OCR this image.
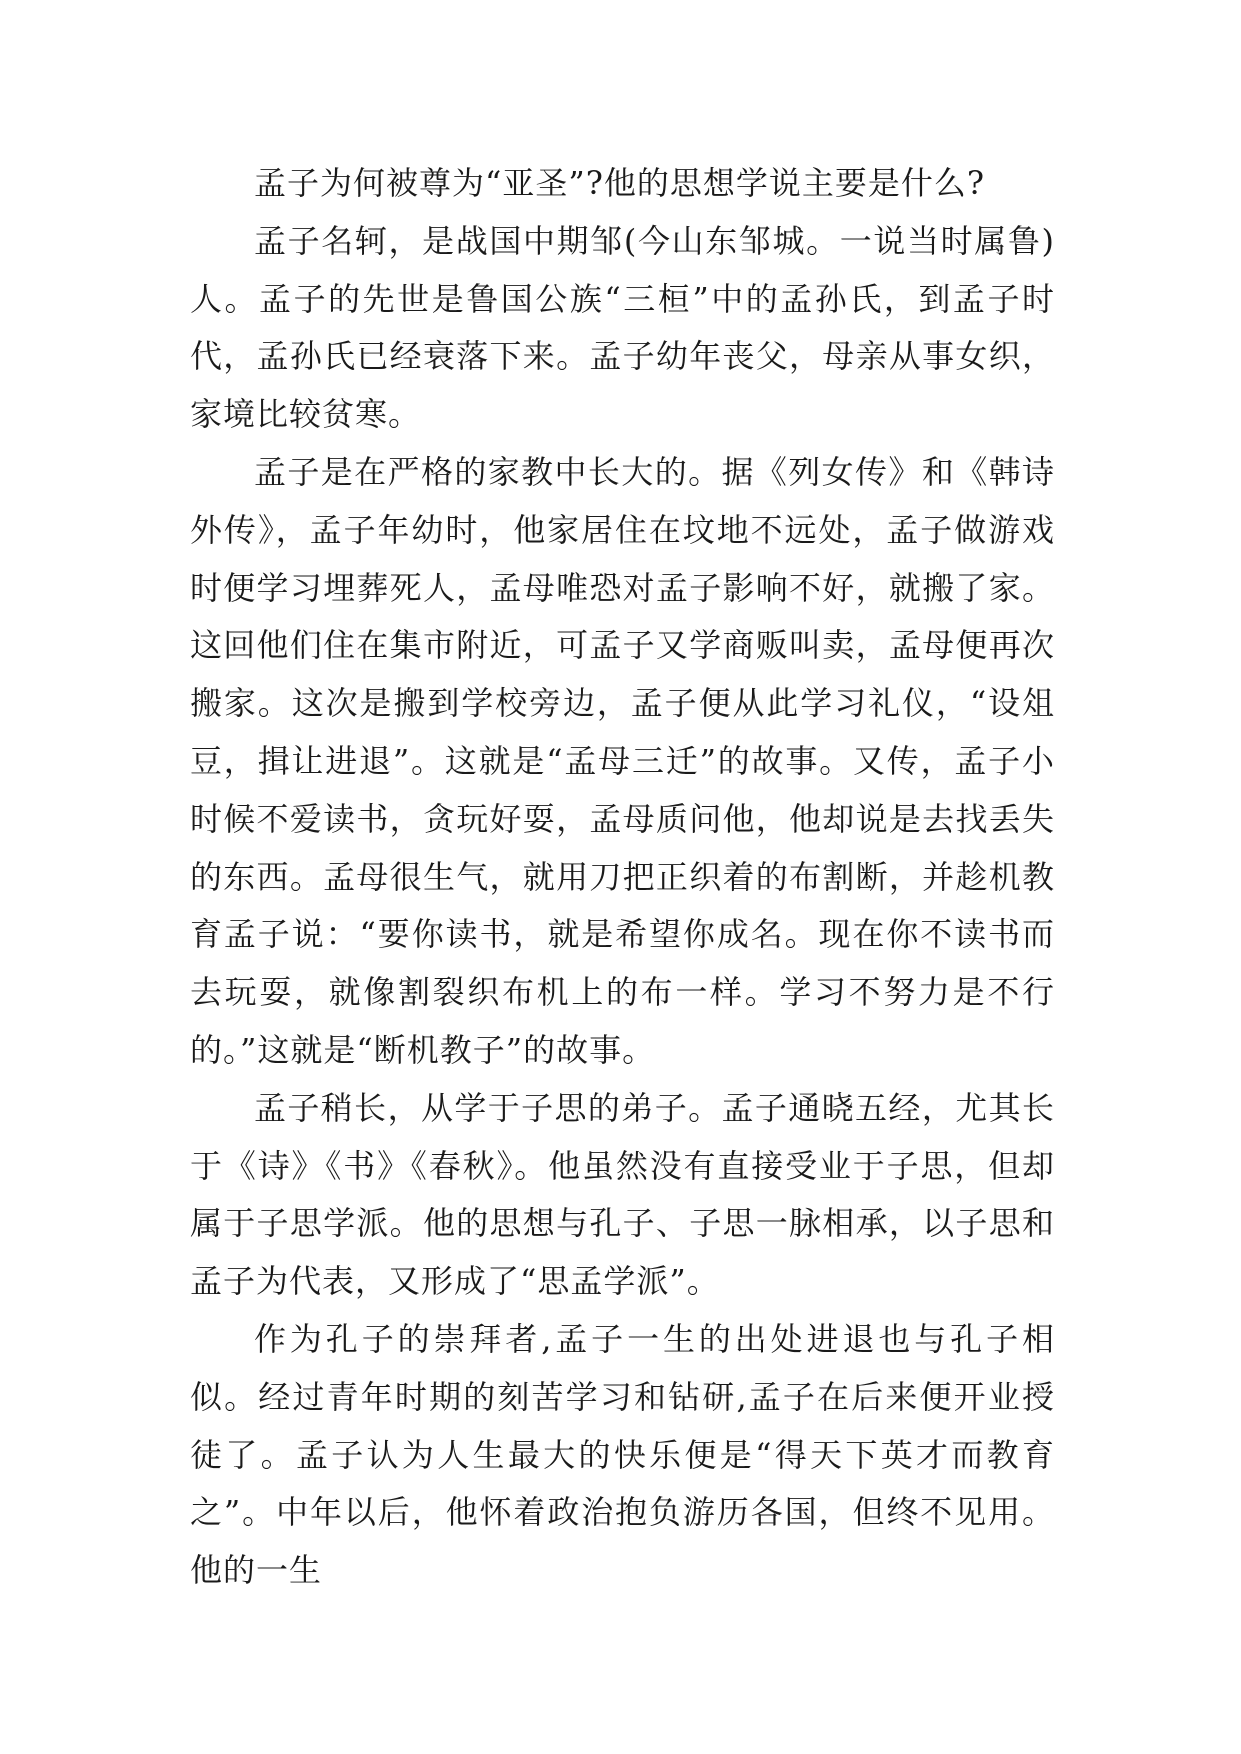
孟子为何被尊为“亚圣”?他的思想学说主要是什么?

孟子名轲，是战国中期邹(今山东邹城。一说当时属鲁)人。孟子的先世是鲁国公族“三桓”中的孟孙氏，到孟子时代，孟孙氏已经衰落下来。孟子幼年丧父，母亲从事女织，家境比较贫寒。

孟子是在严格的家教中长大的。据《列女传》和《韩诗外传》，孟子年幼时，他家居住在坟地不远处，孟子做游戏时便学习埋葬死人，孟母唯恐对孟子影响不好，就搬了家。这回他们住在集市附近，可孟子又学商贩叫卖，孟母便再次搬家。这次是搬到学校旁边，孟子便从此学习礼仪，“设俎豆，揖让进退”。这就是“孟母三迁”的故事。又传，孟子小时候不爱读书，贪玩好耍，孟母质问他，他却说是去找丢失的东西。孟母很生气，就用刀把正织着的布割断，并趁机教育孟子说：“要你读书，就是希望你成名。现在你不读书而去玩耍，就像割裂织布机上的布一样。学习不努力是不行的。”这就是“断机教子”的故事。

孟子稍长，从学于子思的弟子。孟子通晓五经，尤其长于《诗》《书》《春秋》。他虽然没有直接受业于子思，但却属于子思学派。他的思想与孔子、子思一脉相承，以子思和孟子为代表，又形成了“思孟学派”。

作为孔子的崇拜者,孟子一生的出处进退也与孔子相似。经过青年时期的刻苦学习和钻研,孟子在后来便开业授徒了。孟子认为人生最大的快乐便是“得天下英才而教育之”。中年以后，他怀着政治抱负游历各国，但终不见用。他的一生
